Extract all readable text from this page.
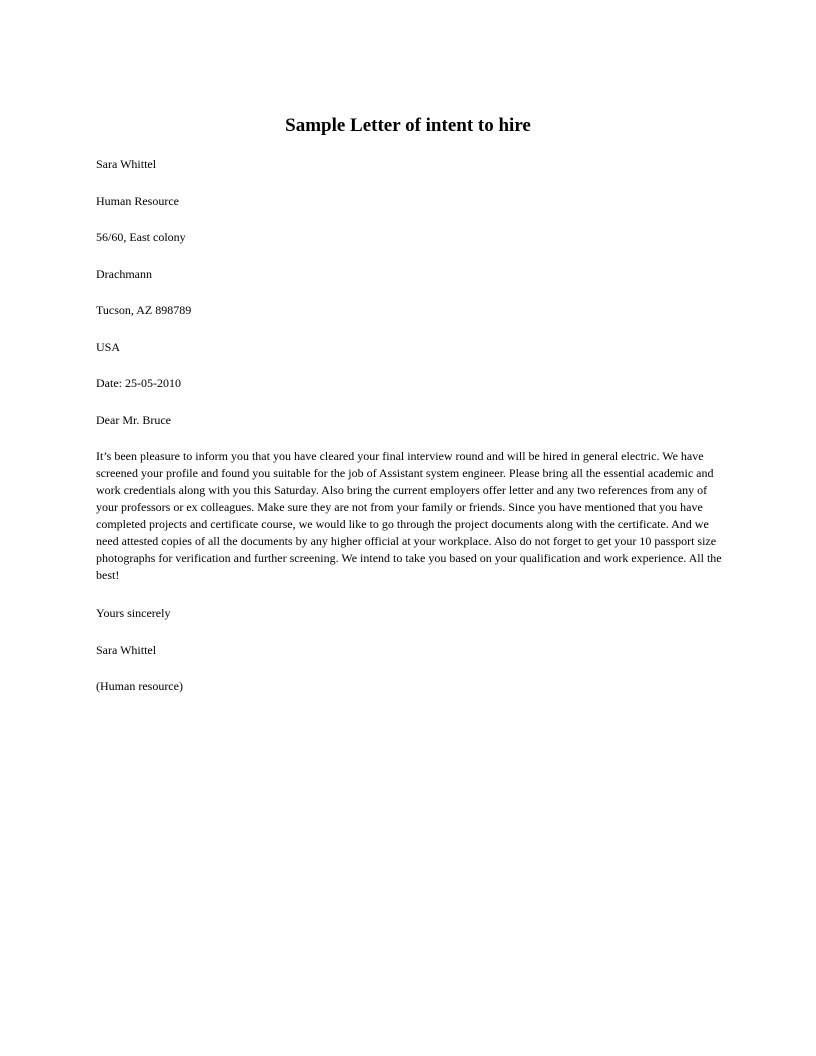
Sample Letter of intent to hire

Sara Whittel

Human Resource

56/60, East colony

Drachmann

Tucson, AZ 898789

USA

Date: 25-05-2010

Dear Mr. Bruce

It’s been pleasure to inform you that you have cleared your final interview round and will be hired in general electric. We have screened your profile and found you suitable for the job of Assistant system engineer. Please bring all the essential academic and work credentials along with you this Saturday. Also bring the current employers offer letter and any two references from any of your professors or ex colleagues. Make sure they are not from your family or friends. Since you have mentioned that you have completed projects and certificate course, we would like to go through the project documents along with the certificate. And we need attested copies of all the documents by any higher official at your workplace. Also do not forget to get your 10 passport size photographs for verification and further screening. We intend to take you based on your qualification and work experience. All the best!

Yours sincerely

Sara Whittel

(Human resource)
